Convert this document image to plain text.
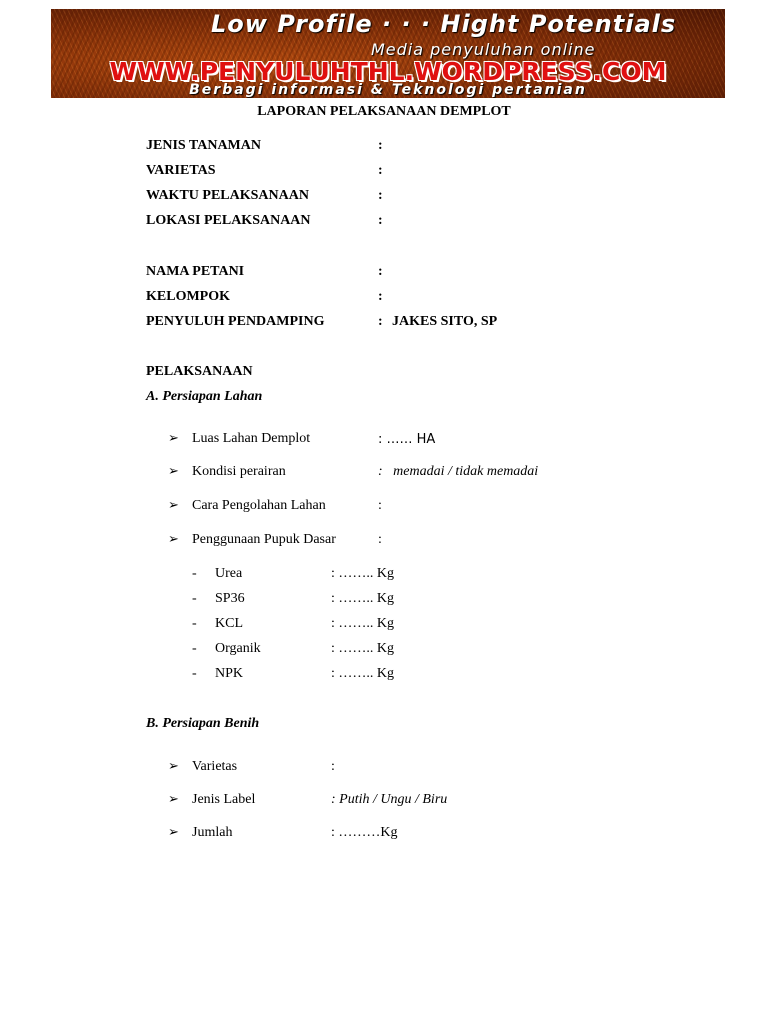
Low Profile · · · Hight Potentials
Media penyuluhan online
WWW.PENYULUHTHL.WORDPRESS.COM
Berbagi informasi & Teknologi pertanian
LAPORAN PELAKSANAAN DEMPLOT
JENIS TANAMAN	:
VARIETAS	:
WAKTU PELAKSANAAN	:
LOKASI PELAKSANAAN	:
NAMA PETANI	:
KELOMPOK	:
PENYULUH PENDAMPING	: JAKES SITO, SP
PELAKSANAAN
A. Persiapan Lahan
➢ Luas Lahan Demplot	: …… HA
➢ Kondisi perairan	:   memadai / tidak memadai
➢ Cara Pengolahan Lahan	:
➢ Penggunaan Pupuk Dasar	:
- Urea	: …….. Kg
- SP36	: …….. Kg
- KCL	: …….. Kg
- Organik	: …….. Kg
- NPK	: …….. Kg
B. Persiapan Benih
➢ Varietas	:
➢ Jenis Label	: Putih / Ungu / Biru
➢ Jumlah	: ………Kg
